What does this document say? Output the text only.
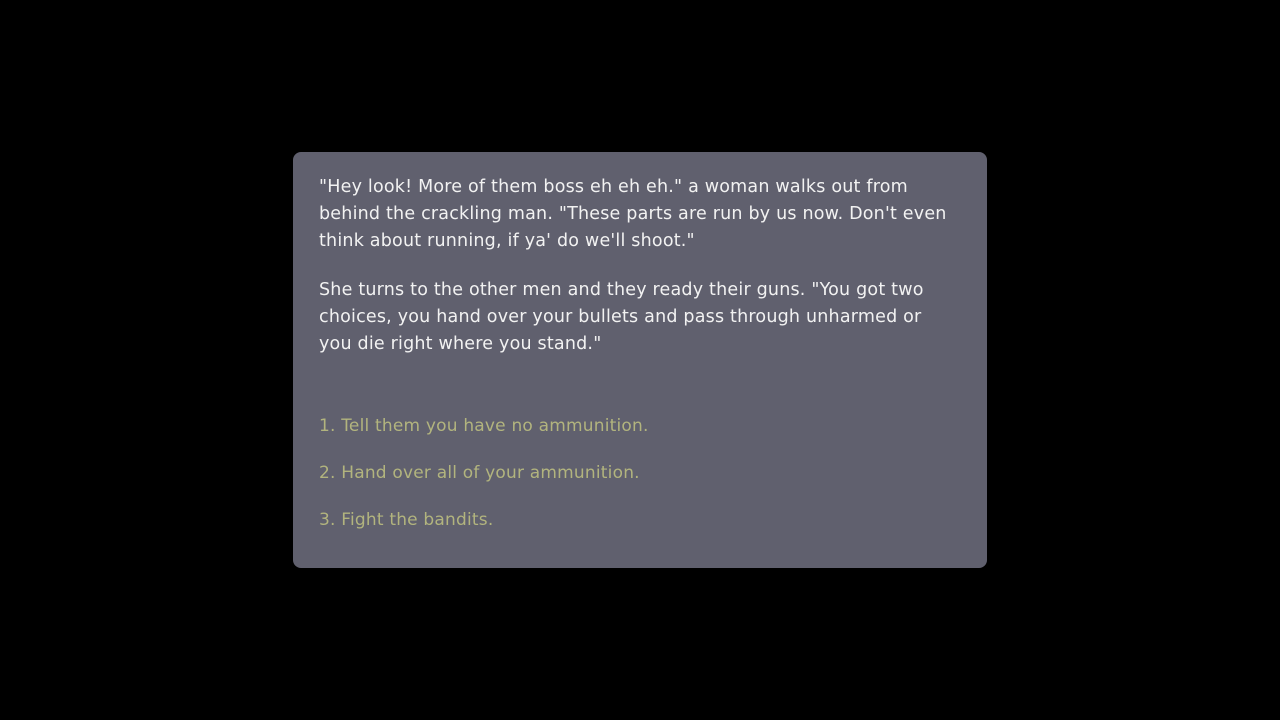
"Hey look! More of them boss eh eh eh." a woman walks out from behind the crackling man. "These parts are run by us now. Don't even think about running, if ya' do we'll shoot."

She turns to the other men and they ready their guns. "You got two choices, you hand over your bullets and pass through unharmed or you die right where you stand."

1. Tell them you have no ammunition.
2. Hand over all of your ammunition.
3. Fight the bandits.
